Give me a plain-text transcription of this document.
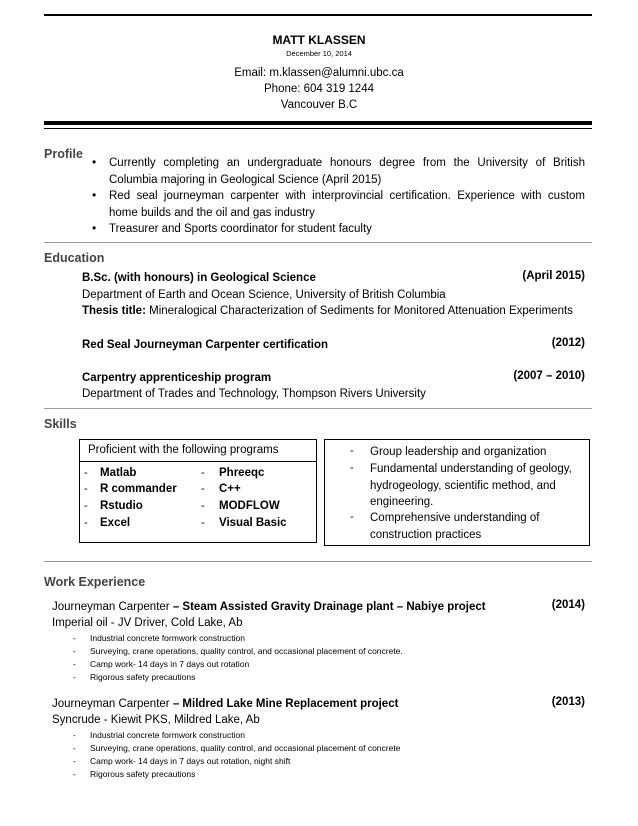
MATT KLASSEN
December 10, 2014
Email: m.klassen@alumni.ubc.ca
Phone: 604 319 1244
Vancouver B.C
Profile
• Currently completing an undergraduate honours degree from the University of British Columbia majoring in Geological Science (April 2015)
• Red seal journeyman carpenter with interprovincial certification. Experience with custom home builds and the oil and gas industry
• Treasurer and Sports coordinator for student faculty
Education
B.Sc. (with honours) in Geological Science	(April 2015)
Department of Earth and Ocean Science, University of British Columbia
Thesis title: Mineralogical Characterization of Sediments for Monitored Attenuation Experiments
Red Seal Journeyman Carpenter certification	(2012)
Carpentry apprenticeship program	(2007 – 2010)
Department of Trades and Technology, Thompson Rivers University
Skills
Proficient with the following programs
- Matlab
- R commander
- Rstudio
- Excel
- Phreeqc
- C++
- MODFLOW
- Visual Basic
- Group leadership and organization
- Fundamental understanding of geology, hydrogeology, scientific method, and engineering.
- Comprehensive understanding of construction practices
Work Experience
Journeyman Carpenter – Steam Assisted Gravity Drainage plant – Nabiye project	(2014)
Imperial oil - JV Driver, Cold Lake, Ab
- Industrial concrete formwork construction
- Surveying, crane operations, quality control, and occasional placement of concrete.
- Camp work- 14 days in 7 days out rotation
- Rigorous safety precautions
Journeyman Carpenter – Mildred Lake Mine Replacement project	(2013)
Syncrude - Kiewit PKS, Mildred Lake, Ab
- Industrial concrete formwork construction
- Surveying, crane operations, quality control, and occasional placement of concrete
- Camp work- 14 days in 7 days out rotation, night shift
- Rigorous safety precautions
